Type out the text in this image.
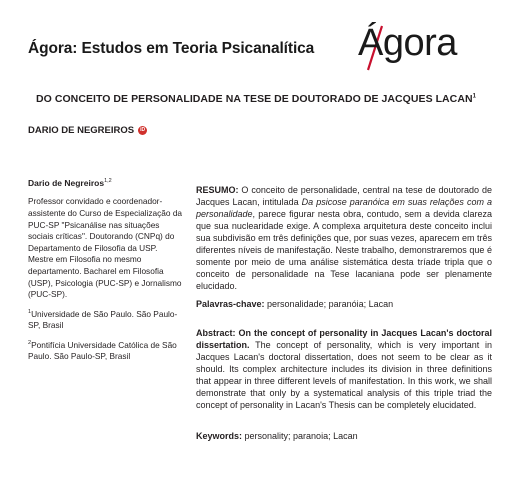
Ágora: Estudos em Teoria Psicanalítica Ágora
DO CONCEITO DE PERSONALIDADE NA TESE DE DOUTORADO DE JACQUES LACAN$^1$
DARIO DE NEGREIROS	iD
Dario de Negreiros$^{1,2}$

Professor convidado e coordenador-assistente do Curso de Especialização da PUC-SP "Psicanálise nas situações sociais críticas". Doutorando (CNPq) do Departamento de Filosofia da USP. Mestre em Filosofia no mesmo departamento. Bacharel em Filosofia (USP), Psicologia (PUC-SP) e Jornalismo (PUC-SP).

$^1$Universidade de São Paulo. São Paulo-SP, Brasil

$^2$Pontifícia Universidade Católica de São Paulo. São Paulo-SP, Brasil

RESUMO: O conceito de personalidade, central na tese de doutorado de Jacques Lacan, intitulada Da psicose paranóica em suas relações com a personalidade, parece figurar nesta obra, contudo, sem a devida clareza que sua nuclearidade exige. A complexa arquitetura deste conceito inclui sua subdivisão em três definições que, por suas vezes, aparecem em três diferentes níveis de manifestação. Neste trabalho, demonstraremos que é somente por meio de uma análise sistemática desta tríade tripla que o conceito de personalidade na Tese lacaniana pode ser plenamente elucidado.

Palavras-chave: personalidade; paranóia; Lacan

Abstract: On the concept of personality in Jacques Lacan's doctoral dissertation. The concept of personality, which is very important in Jacques Lacan's doctoral dissertation, does not seem to be clear as it should. Its complex architecture includes its division in three definitions that appear in three different levels of manifestation. In this work, we shall demonstrate that only by a systematical analysis of this triple triad the concept of personality in Lacan's Thesis can be completely elucidated.

Keywords: personality; paranoia; Lacan
